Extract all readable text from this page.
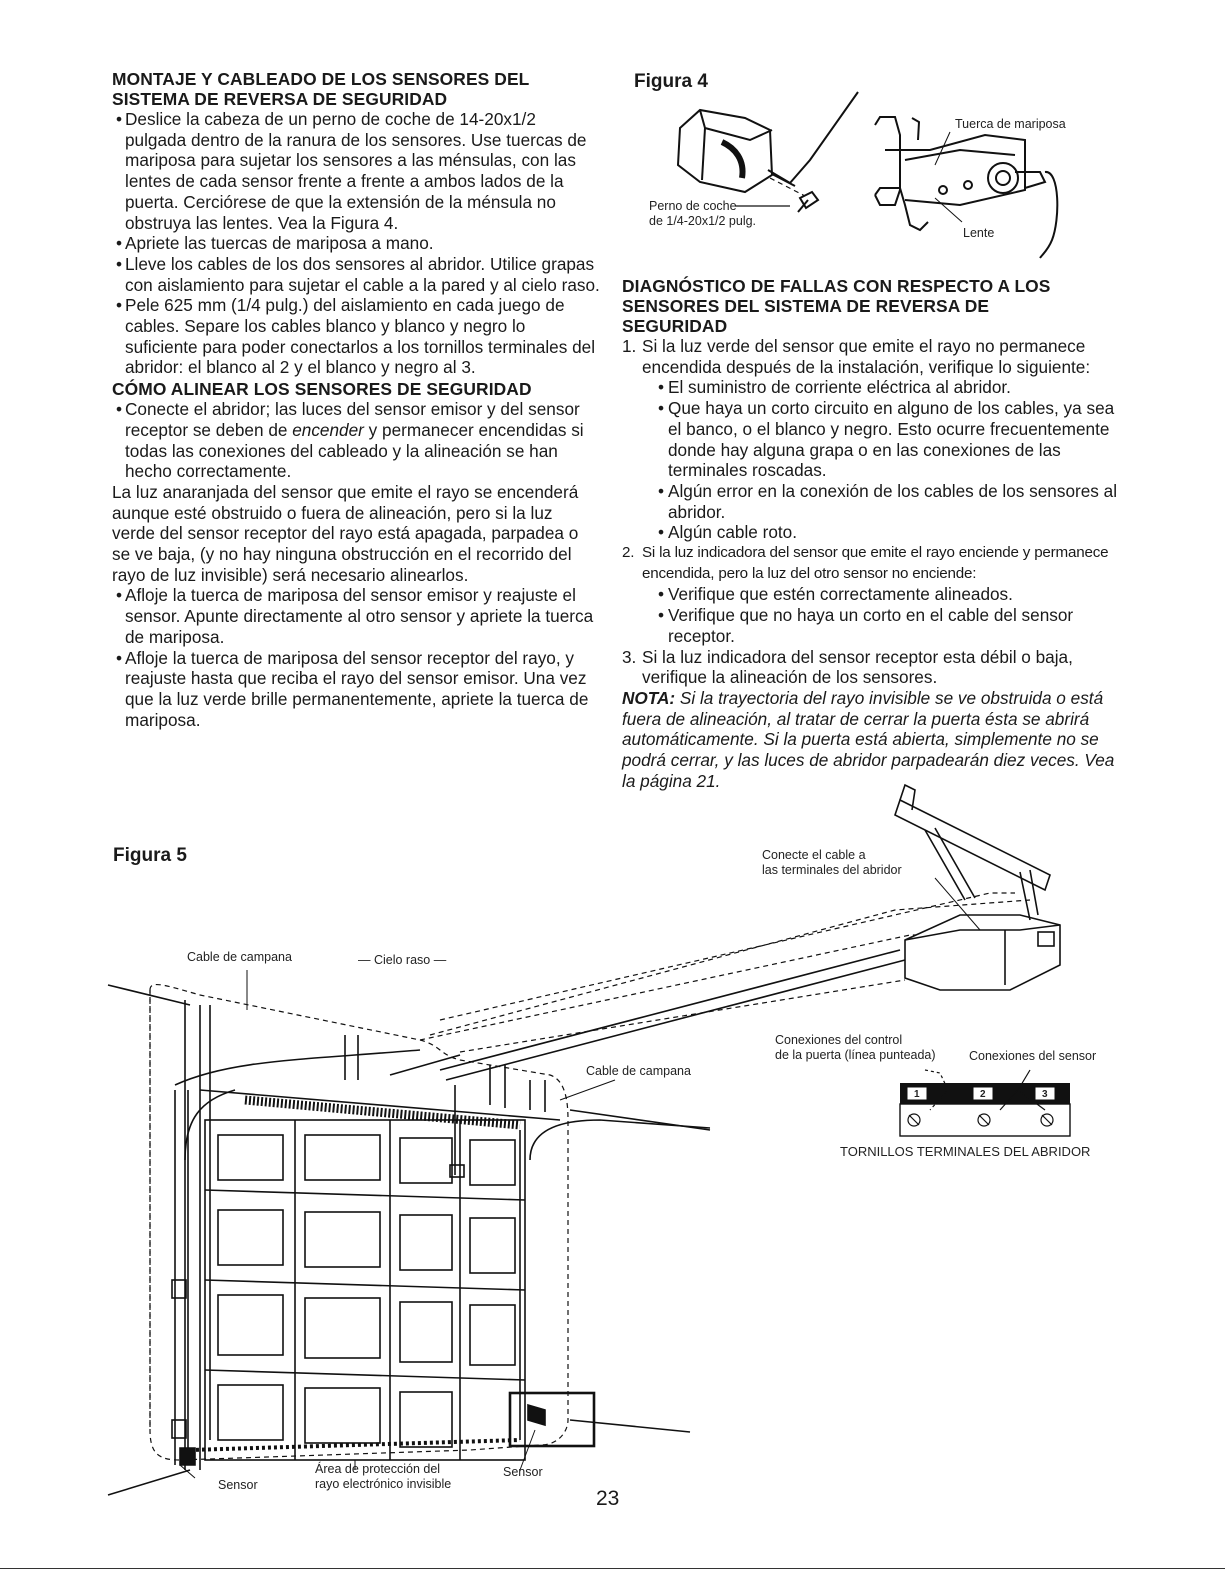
MONTAJE Y CABLEADO DE LOS SENSORES DEL
SISTEMA DE REVERSA DE SEGURIDAD

• Deslice la cabeza de un perno de coche de 14-20x1/2 pulgada dentro de la ranura de los sensores. Use tuercas de mariposa para sujetar los sensores a las ménsulas, con las lentes de cada sensor frente a frente a ambos lados de la puerta. Cerciórese de que la extensión de la ménsula no obstruya las lentes. Vea la Figura 4.

• Apriete las tuercas de mariposa a mano.

• Lleve los cables de los dos sensores al abridor. Utilice grapas con aislamiento para sujetar el cable a la pared y al cielo raso.

• Pele 625 mm (1/4 pulg.) del aislamiento en cada juego de cables. Separe los cables blanco y blanco y negro lo suficiente para poder conectarlos a los tornillos terminales del abridor: el blanco al 2 y el blanco y negro al 3.

CÓMO ALINEAR LOS SENSORES DE SEGURIDAD

• Conecte el abridor; las luces del sensor emisor y del sensor receptor se deben de encender y permanecer encendidas si todas las conexiones del cableado y la alineación se han hecho correctamente.

La luz anaranjada del sensor que emite el rayo se encenderá aunque esté obstruido o fuera de alineación, pero si la luz verde del sensor receptor del rayo está apagada, parpadea o se ve baja, (y no hay ninguna obstrucción en el recorrido del rayo de luz invisible) será necesario alinearlos.

• Afloje la tuerca de mariposa del sensor emisor y reajuste el sensor. Apunte directamente al otro sensor y apriete la tuerca de mariposa.

• Afloje la tuerca de mariposa del sensor receptor del rayo, y reajuste hasta que reciba el rayo del sensor emisor. Una vez que la luz verde brille permanentemente, apriete la tuerca de mariposa.

Figura 4
Tuerca de mariposa
Perno de coche
de 1/4-20x1/2 pulg.
Lente
DIAGNÓSTICO DE FALLAS CON RESPECTO A LOS
SENSORES DEL SISTEMA DE REVERSA DE
SEGURIDAD

1. Si la luz verde del sensor que emite el rayo no permanece encendida después de la instalación, verifique lo siguiente:

• El suministro de corriente eléctrica al abridor.

• Que haya un corto circuito en alguno de los cables, ya sea el banco, o el blanco y negro. Esto ocurre frecuentemente donde hay alguna grapa o en las conexiones de las terminales roscadas.

• Algún error en la conexión de los cables de los sensores al abridor.

• Algún cable roto.

2. Si la luz indicadora del sensor que emite el rayo enciende y permanece encendida, pero la luz del otro sensor no enciende:

• Verifique que estén correctamente alineados.

• Verifique que no haya un corto en el cable del sensor receptor.

3. Si la luz indicadora del sensor receptor esta débil o baja, verifique la alineación de los sensores.

NOTA: Si la trayectoria del rayo invisible se ve obstruida o está fuera de alineación, al tratar de cerrar la puerta ésta se abrirá automáticamente. Si la puerta está abierta, simplemente no se podrá cerrar, y las luces de abridor parpadearán diez veces. Vea la página 21.

Figura 5
Cable de campana	— Cielo raso —
Cable de campana
Conecte el cable a
las terminales del abridor
Conexiones del control
de la puerta (línea punteada)	Conexiones del sensor
1	2	3
TORNILLOS TERMINALES DEL ABRIDOR
Sensor
Área de protección del
rayo electrónico invisible
Sensor
23
